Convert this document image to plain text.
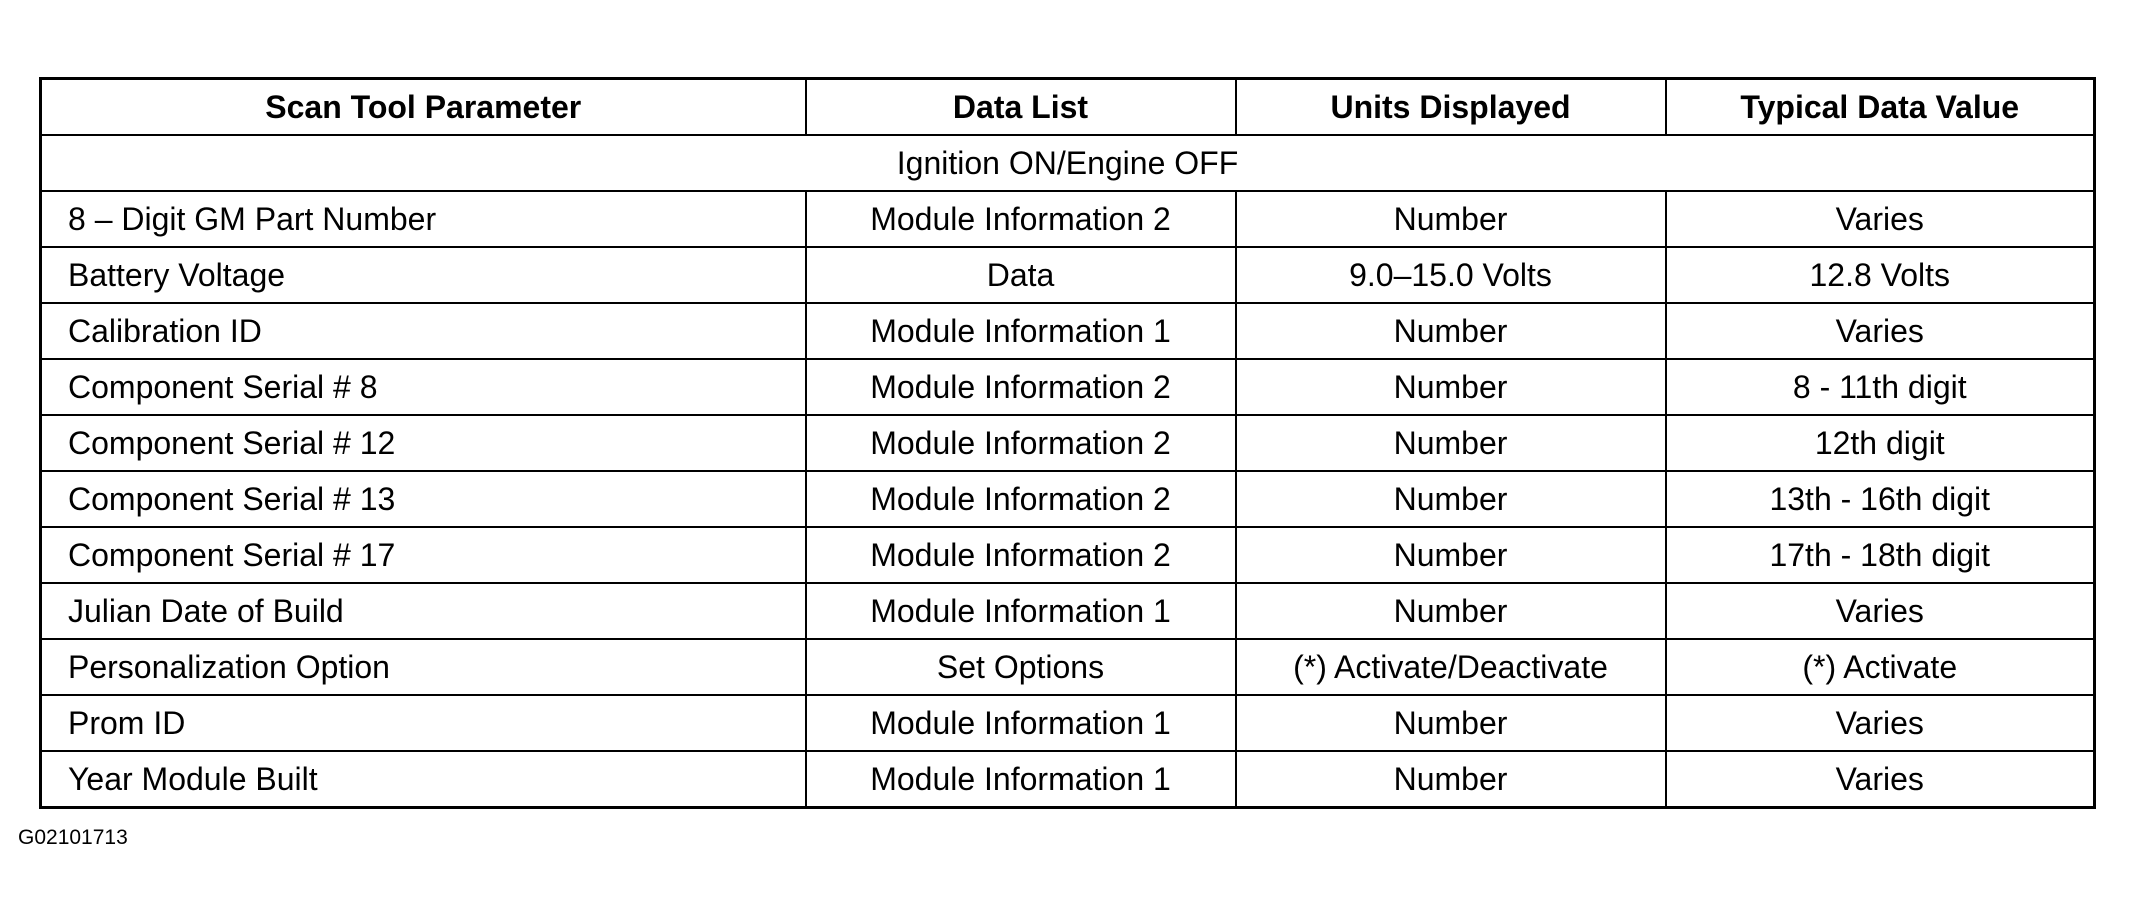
Scan Tool Parameter	Data List	Units Displayed	Typical Data Value
Ignition ON/Engine OFF			
8 – Digit GM Part Number	Module Information 2	Number	Varies
Battery Voltage	Data	9.0–15.0 Volts	12.8 Volts
Calibration ID	Module Information 1	Number	Varies
Component Serial # 8	Module Information 2	Number	8 - 11th digit
Component Serial # 12	Module Information 2	Number	12th digit
Component Serial # 13	Module Information 2	Number	13th - 16th digit
Component Serial # 17	Module Information 2	Number	17th - 18th digit
Julian Date of Build	Module Information 1	Number	Varies
Personalization Option	Set Options	(*) Activate/Deactivate	(*) Activate
Prom ID	Module Information 1	Number	Varies
Year Module Built	Module Information 1	Number	Varies
G02101713
